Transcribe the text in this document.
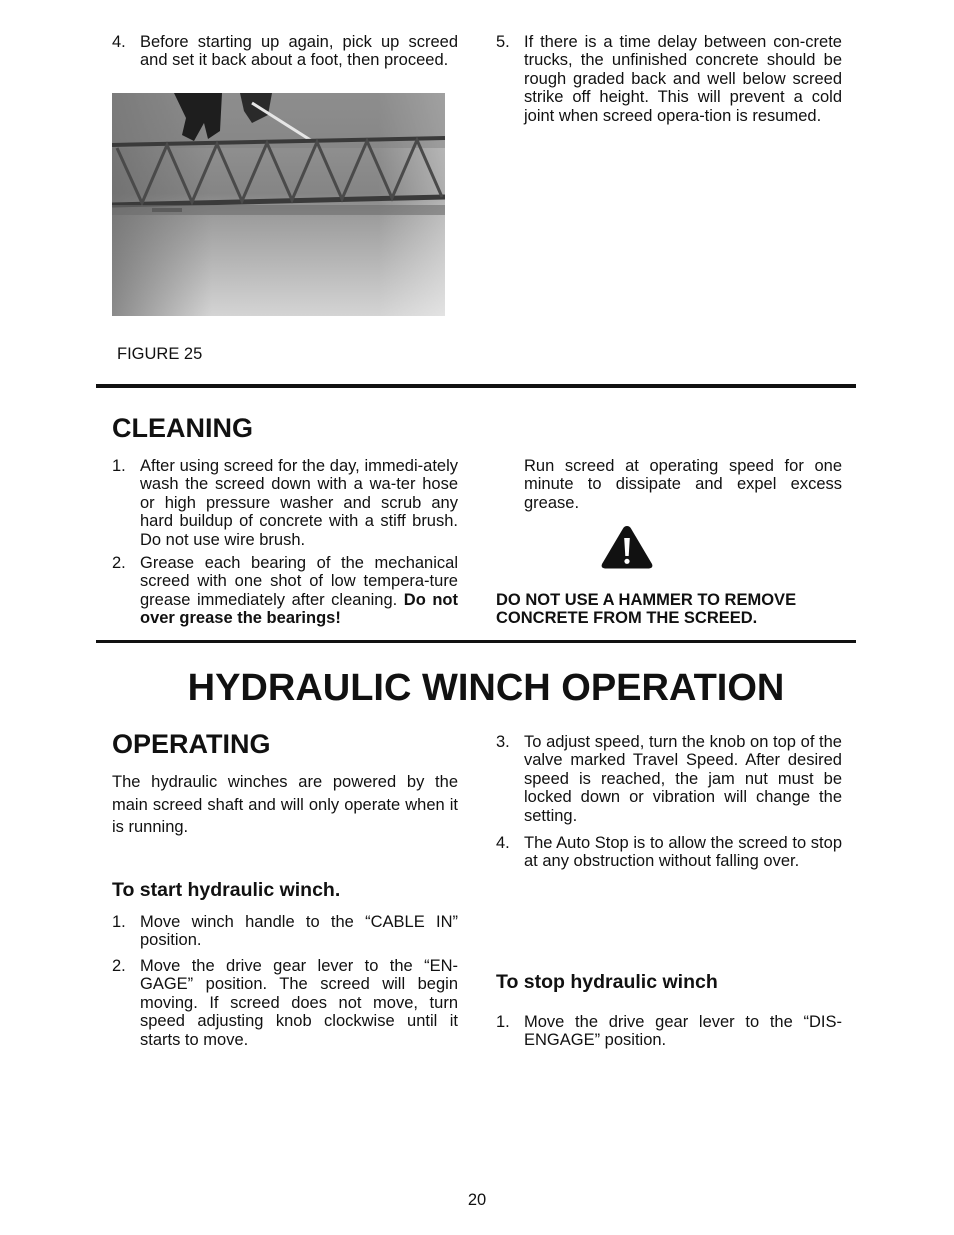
4. Before starting up again, pick up screed and set it back about a foot, then proceed.
FIGURE 25
5. If there is a time delay between con-crete trucks, the unfinished concrete should be rough graded back and well below screed strike off height. This will prevent a cold joint when screed opera-tion is resumed.
CLEANING
1. After using screed for the day, immedi-ately wash the screed down with a wa-ter hose or high pressure washer and scrub any hard buildup of concrete with a stiff brush. Do not use wire brush.
2. Grease each bearing of the mechanical screed with one shot of low tempera-ture grease immediately after cleaning. Do not over grease the bearings!
Run screed at operating speed for one minute to dissipate and expel excess grease.
DO NOT USE A HAMMER TO REMOVE CONCRETE FROM THE SCREED.
HYDRAULIC WINCH OPERATION
OPERATING
The hydraulic winches are powered by the main screed shaft and will only operate when it is running.
To start hydraulic winch.
1. Move winch handle to the “CABLE IN” position.
2. Move the drive gear lever to the “EN-GAGE” position. The screed will begin moving. If screed does not move, turn speed adjusting knob clockwise until it starts to move.
3. To adjust speed, turn the knob on top of the valve marked Travel Speed. After desired speed is reached, the jam nut must be locked down or vibration will change the setting.
4. The Auto Stop is to allow the screed to stop at any obstruction without falling over.
To stop hydraulic winch
1. Move the drive gear lever to the “DIS-ENGAGE” position.
20
